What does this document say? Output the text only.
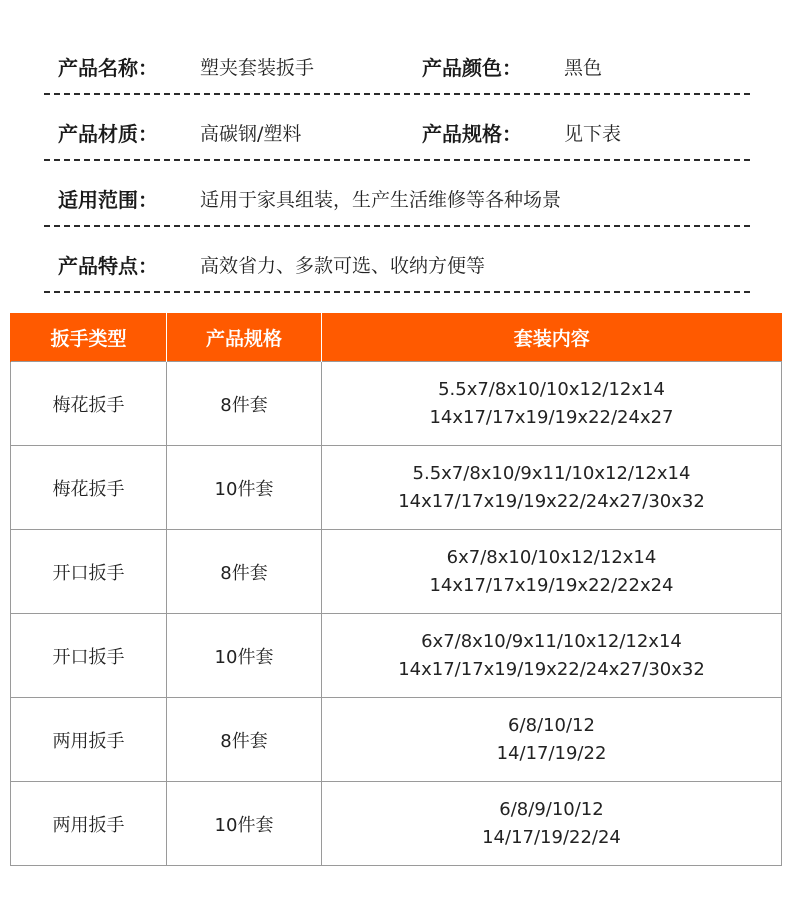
产品名称：	塑夹套装扳手	产品颜色：	黑色
产品材质：	高碳钢/塑料	产品规格：	见下表
适用范围：	适用于家具组装，生产生活维修等各种场景
产品特点：	高效省力、多款可选、收纳方便等
扳手类型	产品规格	套装内容
梅花扳手	8件套	5.5x7/8x10/10x12/12x14
14x17/17x19/19x22/24x27

梅花扳手	10件套	5.5x7/8x10/9x11/10x12/12x14
14x17/17x19/19x22/24x27/30x32

开口扳手	8件套	6x7/8x10/10x12/12x14
14x17/17x19/19x22/22x24

开口扳手	10件套	6x7/8x10/9x11/10x12/12x14
14x17/17x19/19x22/24x27/30x32

两用扳手	8件套	6/8/10/12
14/17/19/22

两用扳手	10件套	6/8/9/10/12
14/17/19/22/24
